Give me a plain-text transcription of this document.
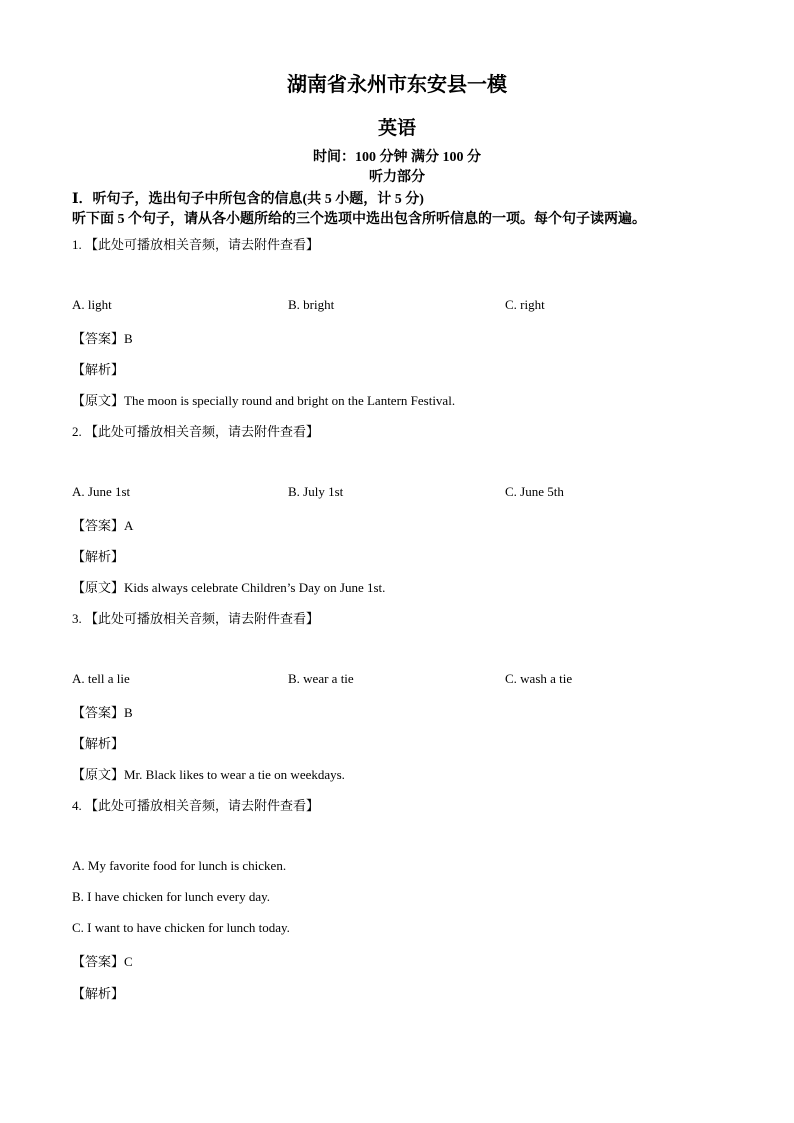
湖南省永州市东安县一模
英语
时间：100 分钟 满分 100 分
听力部分
Ⅰ．听句子，选出句子中所包含的信息(共 5 小题，计 5 分)
听下面 5 个句子，请从各小题所给的三个选项中选出包含所听信息的一项。每个句子读两遍。
1. 【此处可播放相关音频，请去附件查看】
A. light	B. bright	C. right
【答案】B
【解析】
【原文】The moon is specially round and bright on the Lantern Festival.
2. 【此处可播放相关音频，请去附件查看】
A. June 1st	B. July 1st	C. June 5th
【答案】A
【解析】
【原文】Kids always celebrate Children’s Day on June 1st.
3. 【此处可播放相关音频，请去附件查看】
A. tell a lie	B. wear a tie	C. wash a tie
【答案】B
【解析】
【原文】Mr. Black likes to wear a tie on weekdays.
4. 【此处可播放相关音频，请去附件查看】
A. My favorite food for lunch is chicken.
B. I have chicken for lunch every day.
C. I want to have chicken for lunch today.
【答案】C
【解析】
